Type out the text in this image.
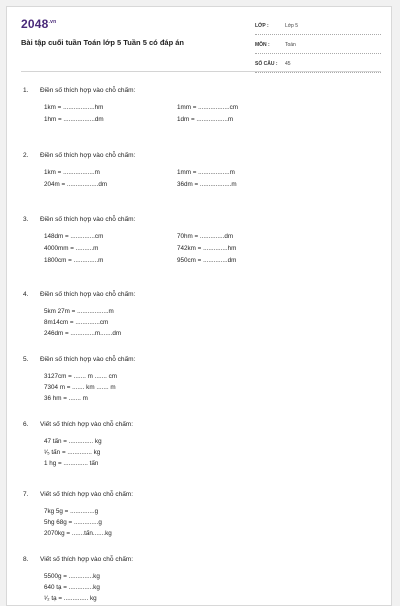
$2048^{.vn}$
Bài tập cuối tuần Toán lớp 5 Tuần 5 có đáp án
LỚP :	Lớp 5
MÔN :	Toán
SỐ CÂU : 45
1. Điền số thích hợp vào chỗ chấm:
1km = ..................hm
1hm = ..................dm
1mm = ..................cm
1dm = ..................m
2. Điền số thích hợp vào chỗ chấm:
1km = ..................m
204m = ..................dm
1mm = ..................m
36dm = ..................m
3. Điền số thích hợp vào chỗ chấm:
148dm = ..............cm
4000mm = ..........m
1800cm = ..............m
70hm = ..............dm
742km = ..............hm
950cm = ..............dm
4. Điền số thích hợp vào chỗ chấm:
5km 27m = ..................m
8m14cm = ..............cm
246dm = ..............m.......dm
5. Điền số thích hợp vào chỗ chấm:
3127cm = ....... m ....... cm
7304 m = ....... km ....... m
36 hm = ....... m
6. Viết số thích hợp vào chỗ chấm:
47 tấn = .............. kg
¹⁄₅ tấn = .............. kg
1 hg = .............. tấn
7. Viết số thích hợp vào chỗ chấm:
7kg 5g = ..............g
5hg 68g = ..............g
2070kg = .......tấn.......kg
8. Viết số thích hợp vào chỗ chấm:
5500g = ..............kg
640 tạ = ..............kg
¹⁄₂ tạ = .............. kg
